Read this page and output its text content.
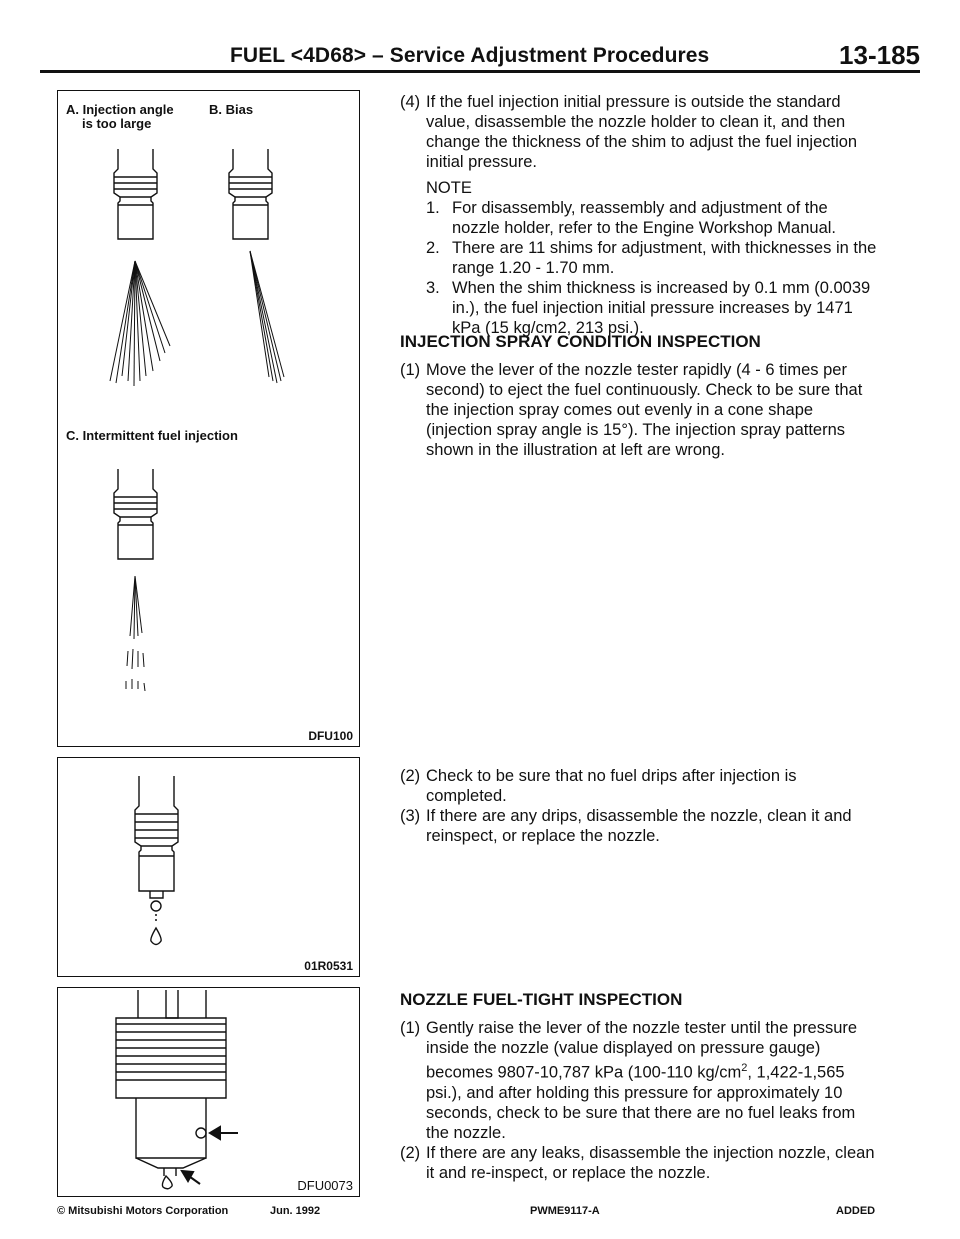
FUEL <4D68> – Service Adjustment Procedures	13-185
A. Injection angle
is too large
B. Bias
C. Intermittent fuel injection
DFU100
01R0531
DFU0073
(4) If the fuel injection initial pressure is outside the standard value, disassemble the nozzle holder to clean it, and then change the thickness of the shim to adjust the fuel injection initial pressure.
NOTE
1. For disassembly, reassembly and adjustment of the nozzle holder, refer to the Engine Workshop Manual.
2. There are 11 shims for adjustment, with thicknesses in the range 1.20 - 1.70 mm.
3. When the shim thickness is increased by 0.1 mm (0.0039 in.), the fuel injection initial pressure increases by 1471 kPa (15 kg/cm2, 213 psi.).
INJECTION SPRAY CONDITION INSPECTION
(1) Move the lever of the nozzle tester rapidly (4 - 6 times per second) to eject the fuel continuously. Check to be sure that the injection spray comes out evenly in a cone shape (injection spray angle is 15°). The injection spray patterns shown in the illustration at left are wrong.
(2) Check to be sure that no fuel drips after injection is completed.
(3) If there are any drips, disassemble the nozzle, clean it and reinspect, or replace the nozzle.
NOZZLE FUEL-TIGHT INSPECTION
(1) Gently raise the lever of the nozzle tester until the pressure inside the nozzle (value displayed on pressure gauge) becomes 9807-10,787 kPa (100-110 $kg/cm^2$, 1,422-1,565 psi.), and after holding this pressure for approximately 10 seconds, check to be sure that there are no fuel leaks from the nozzle.
(2) If there are any leaks, disassemble the injection nozzle, clean it and re-inspect, or replace the nozzle.
© Mitsubishi Motors Corporation	Jun. 1992	PWME9117-A	ADDED
